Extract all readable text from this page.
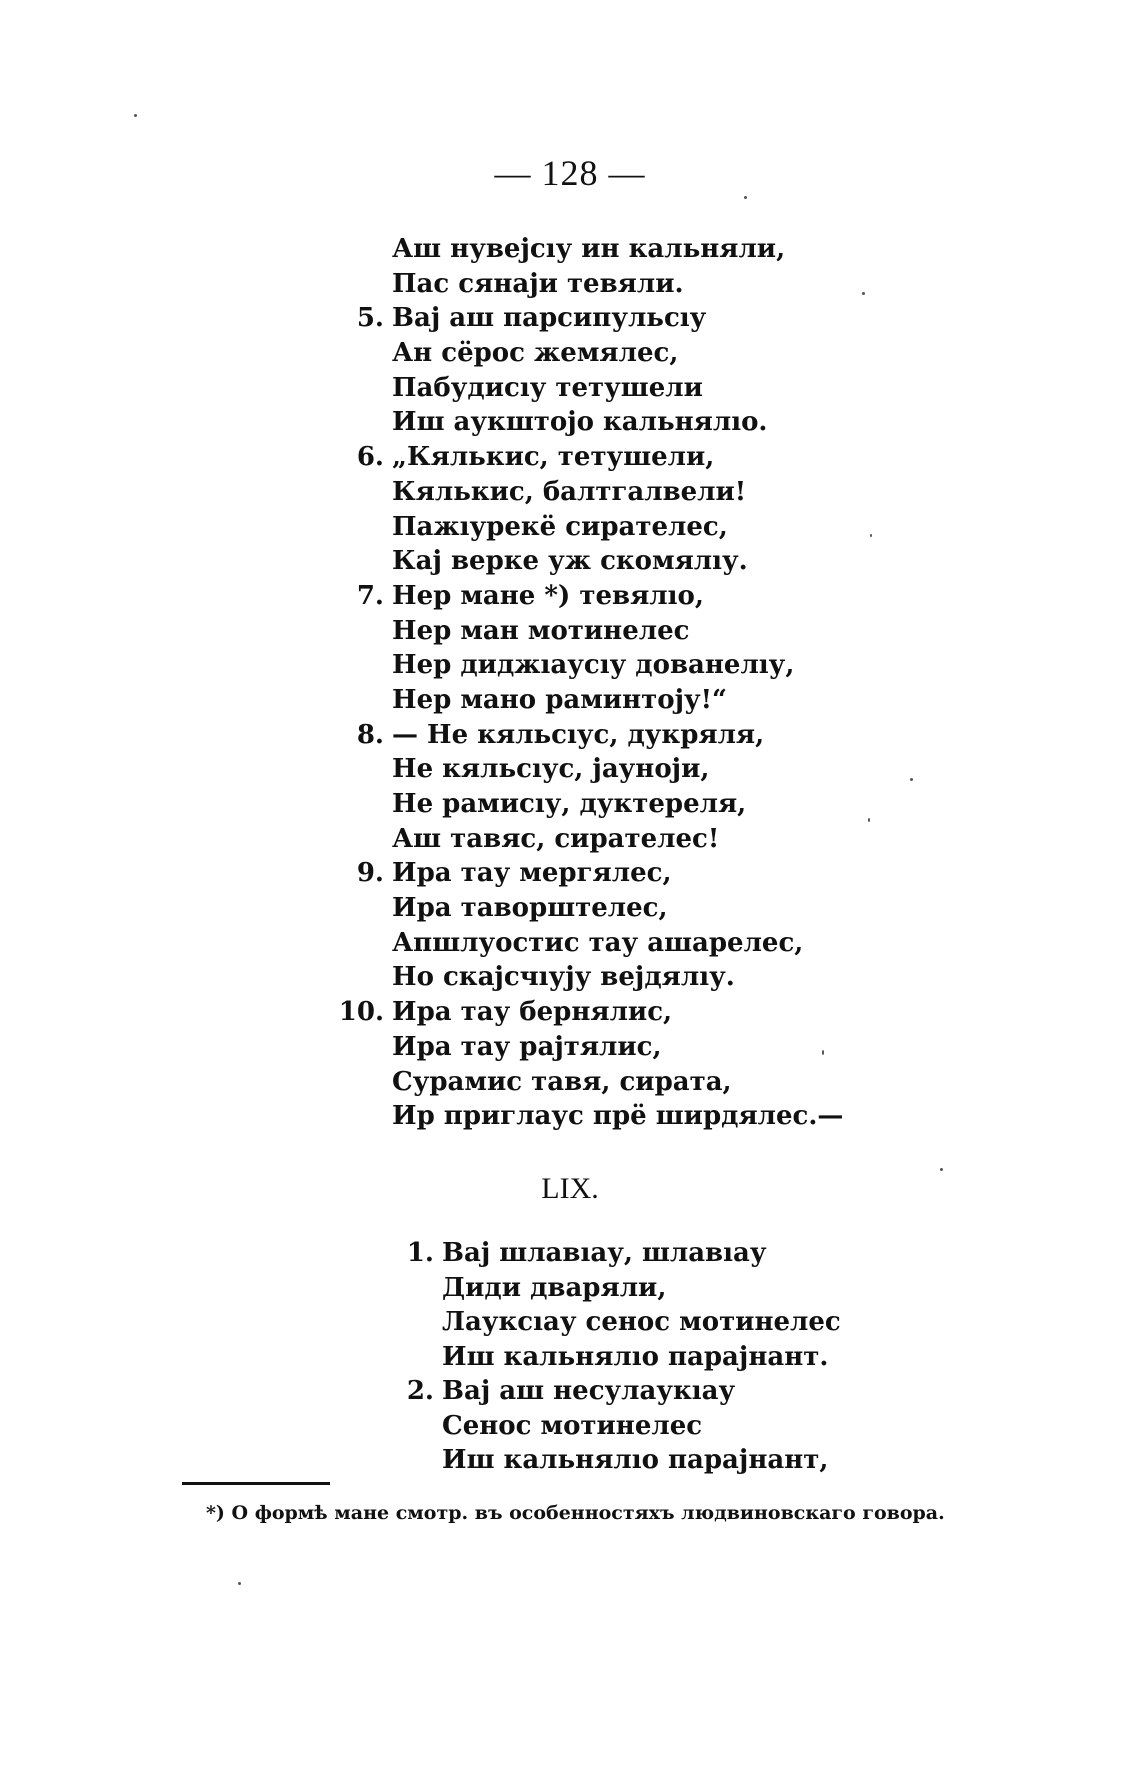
— 128 —
Аш нувејсıу ин кальняли,
Пас сянаји тевяли.
5. Вај аш парсипульсıу
Ан сёрос жемялес,
Пабудисıу тетушели
Иш аукштојо кальнялıо.
6. „Кялькис, тетушели,
Кялькис, балтгалвели!
Пажıурекё сирателес,
Кај верке уж скомялıу.
7. Нер мане *) тевялıо,
Нер ман мотинелес
Нер диджıаусıу дованелıу,
Нер мано раминтоју!“
8. — Не кяльсıус, дукряля,
Не кяльсıус, јауноји,
Не рамисıу, дуктереля,
Аш тавяс, сирателес!
9. Ира тау мергялес,
Ира таворштелес,
Апшлуостис тау ашарелес,
Но скајсчıују вејдялıу.
10. Ира тау бернялис,
Ира тау рајтялис,
Сурамис тавя, сирата,
Ир приглаус прё ширдялес.—
LIX.
1. Вај шлавıау, шлавıау
Диди дваряли,
Лауксıау сенос мотинелес
Иш кальнялıо парајнант.
2. Вај аш несулаукıау
Сенос мотинелес
Иш кальнялıо парајнант,
*) О формѣ мане смотр. въ особенностяхъ людвиновскаго говора.
